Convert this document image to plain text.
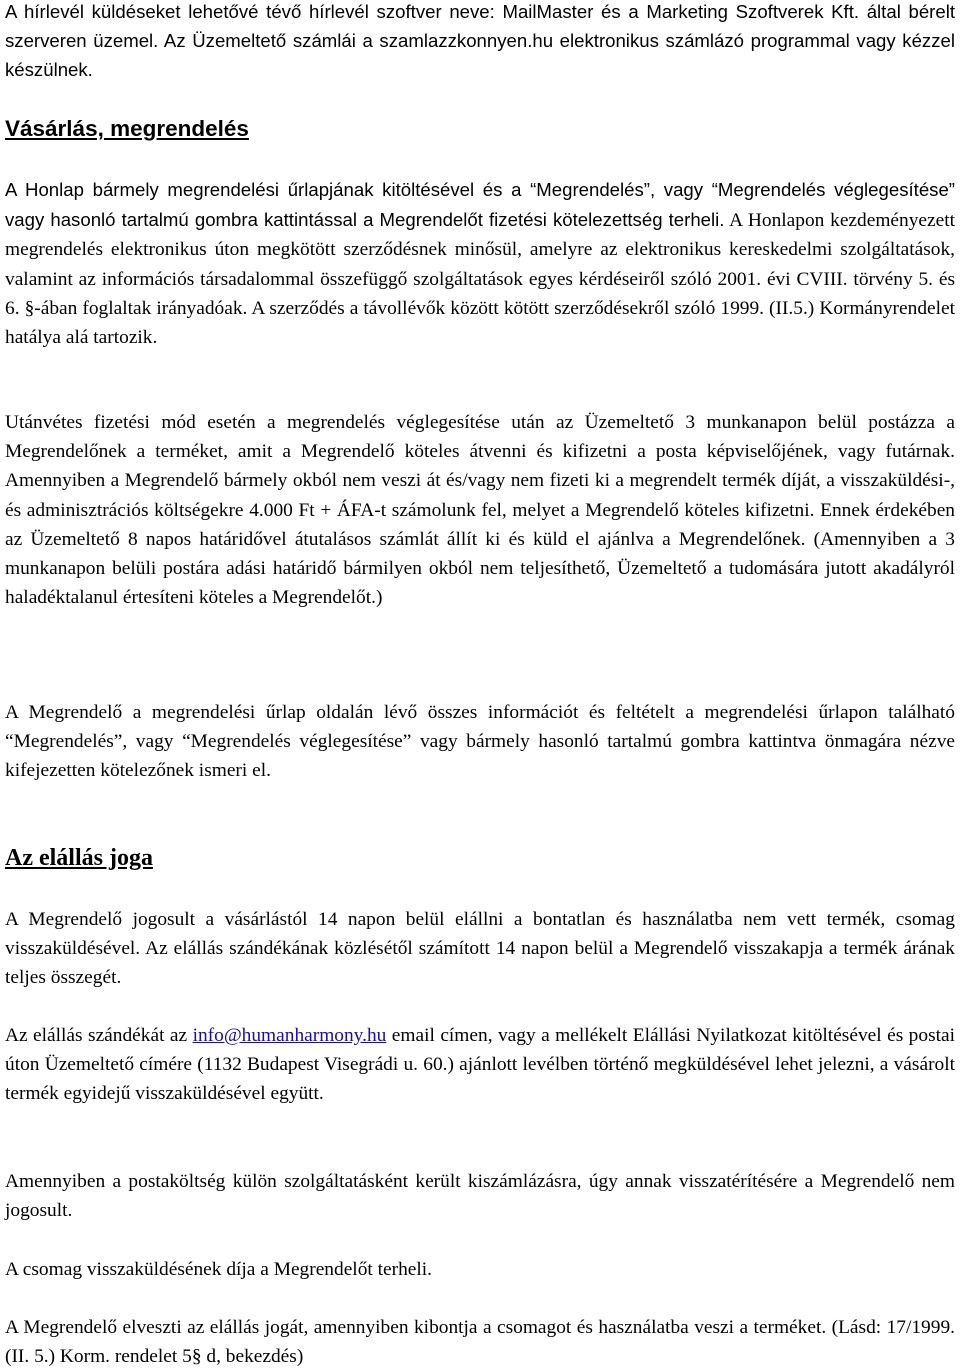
A hírlevél küldéseket lehetővé tévő hírlevél szoftver neve: MailMaster és a Marketing Szoftverek Kft. által bérelt szerveren üzemel. Az Üzemeltető számlái a szamlazzkonnyen.hu elektronikus számlázó programmal vagy kézzel készülnek.

Vásárlás, megrendelés

A Honlap bármely megrendelési űrlapjának kitöltésével és a “Megrendelés”, vagy “Megrendelés véglegesítése” vagy hasonló tartalmú gombra kattintással a Megrendelőt fizetési kötelezettség terheli. A Honlapon kezdeményezett megrendelés elektronikus úton megkötött szerződésnek minősül, amelyre az elektronikus kereskedelmi szolgáltatások, valamint az információs társadalommal összefüggő szolgáltatások egyes kérdéseiről szóló 2001. évi CVIII. törvény 5. és 6. §-ában foglaltak irányadóak. A szerződés a távollévők között kötött szerződésekről szóló 1999. (II.5.) Kormányrendelet hatálya alá tartozik.

Utánvétes fizetési mód esetén a megrendelés véglegesítése után az Üzemeltető 3 munkanapon belül postázza a Megrendelőnek a terméket, amit a Megrendelő köteles átvenni és kifizetni a posta képviselőjének, vagy futárnak. Amennyiben a Megrendelő bármely okból nem veszi át és/vagy nem fizeti ki a megrendelt termék díját, a visszaküldési-, és adminisztrációs költségekre 4.000 Ft + ÁFA-t számolunk fel, melyet a Megrendelő köteles kifizetni. Ennek érdekében az Üzemeltető 8 napos határidővel átutalásos számlát állít ki és küld el ajánlva a Megrendelőnek. (Amennyiben a 3 munkanapon belüli postára adási határidő bármilyen okból nem teljesíthető, Üzemeltető a tudomására jutott akadályról haladéktalanul értesíteni köteles a Megrendelőt.)

A Megrendelő a megrendelési űrlap oldalán lévő összes információt és feltételt a megrendelési űrlapon található “Megrendelés”, vagy “Megrendelés véglegesítése” vagy bármely hasonló tartalmú gombra kattintva önmagára nézve kifejezetten kötelezőnek ismeri el.

Az elállás joga

A Megrendelő jogosult a vásárlástól 14 napon belül elállni a bontatlan és használatba nem vett termék, csomag visszaküldésével. Az elállás szándékának közlésétől számított 14 napon belül a Megrendelő visszakapja a termék árának teljes összegét.

Az elállás szándékát az info@humanharmony.hu email címen, vagy a mellékelt Elállási Nyilatkozat kitöltésével és postai úton Üzemeltető címére (1132 Budapest Visegrádi u. 60.) ajánlott levélben történő megküldésével lehet jelezni, a vásárolt termék egyidejű visszaküldésével együtt.

Amennyiben a postaköltség külön szolgáltatásként került kiszámlázásra, úgy annak visszatérítésére a Megrendelő nem jogosult.

A csomag visszaküldésének díja a Megrendelőt terheli.

A Megrendelő elveszti az elállás jogát, amennyiben kibontja a csomagot és használatba veszi a terméket. (Lásd: 17/1999. (II. 5.) Korm. rendelet 5§ d, bekezdés)
